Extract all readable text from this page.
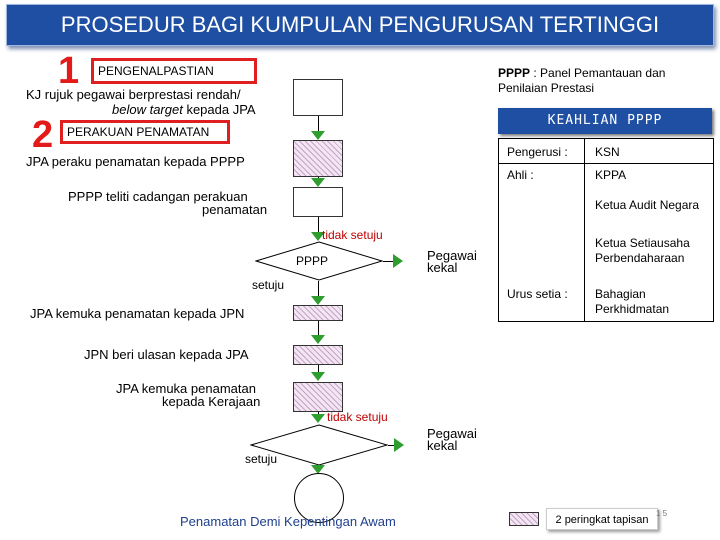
PROSEDUR BAGI KUMPULAN PENGURUSAN TERTINGGI
1	PENGENALPASTIAN
KJ rujuk pegawai berprestasi rendah/
below target kepada JPA
2	PERAKUAN PENAMATAN
JPA peraku penamatan kepada PPPP
PPPP teliti cadangan perakuan
penamatan
tidak setuju
PPPP	Pegawai
kekal
setuju
JPA kemuka penamatan kepada JPN
JPN beri ulasan kepada JPA
JPA kemuka penamatan
kepada Kerajaan
tidak setuju
Pegawai
kekal
setuju
Penamatan Demi Kepentingan Awam
PPPP : Panel Pemantauan dan
Penilaian Prestasi
KEAHLIAN PPPP
Pengerusi : KSN
Ahli :	KPPA
Ketua Audit Negara
Ketua Setiausaha Perbendaharaan
Urus setia : Bahagian Perkhidmatan
2 peringkat tapisan
1 5
